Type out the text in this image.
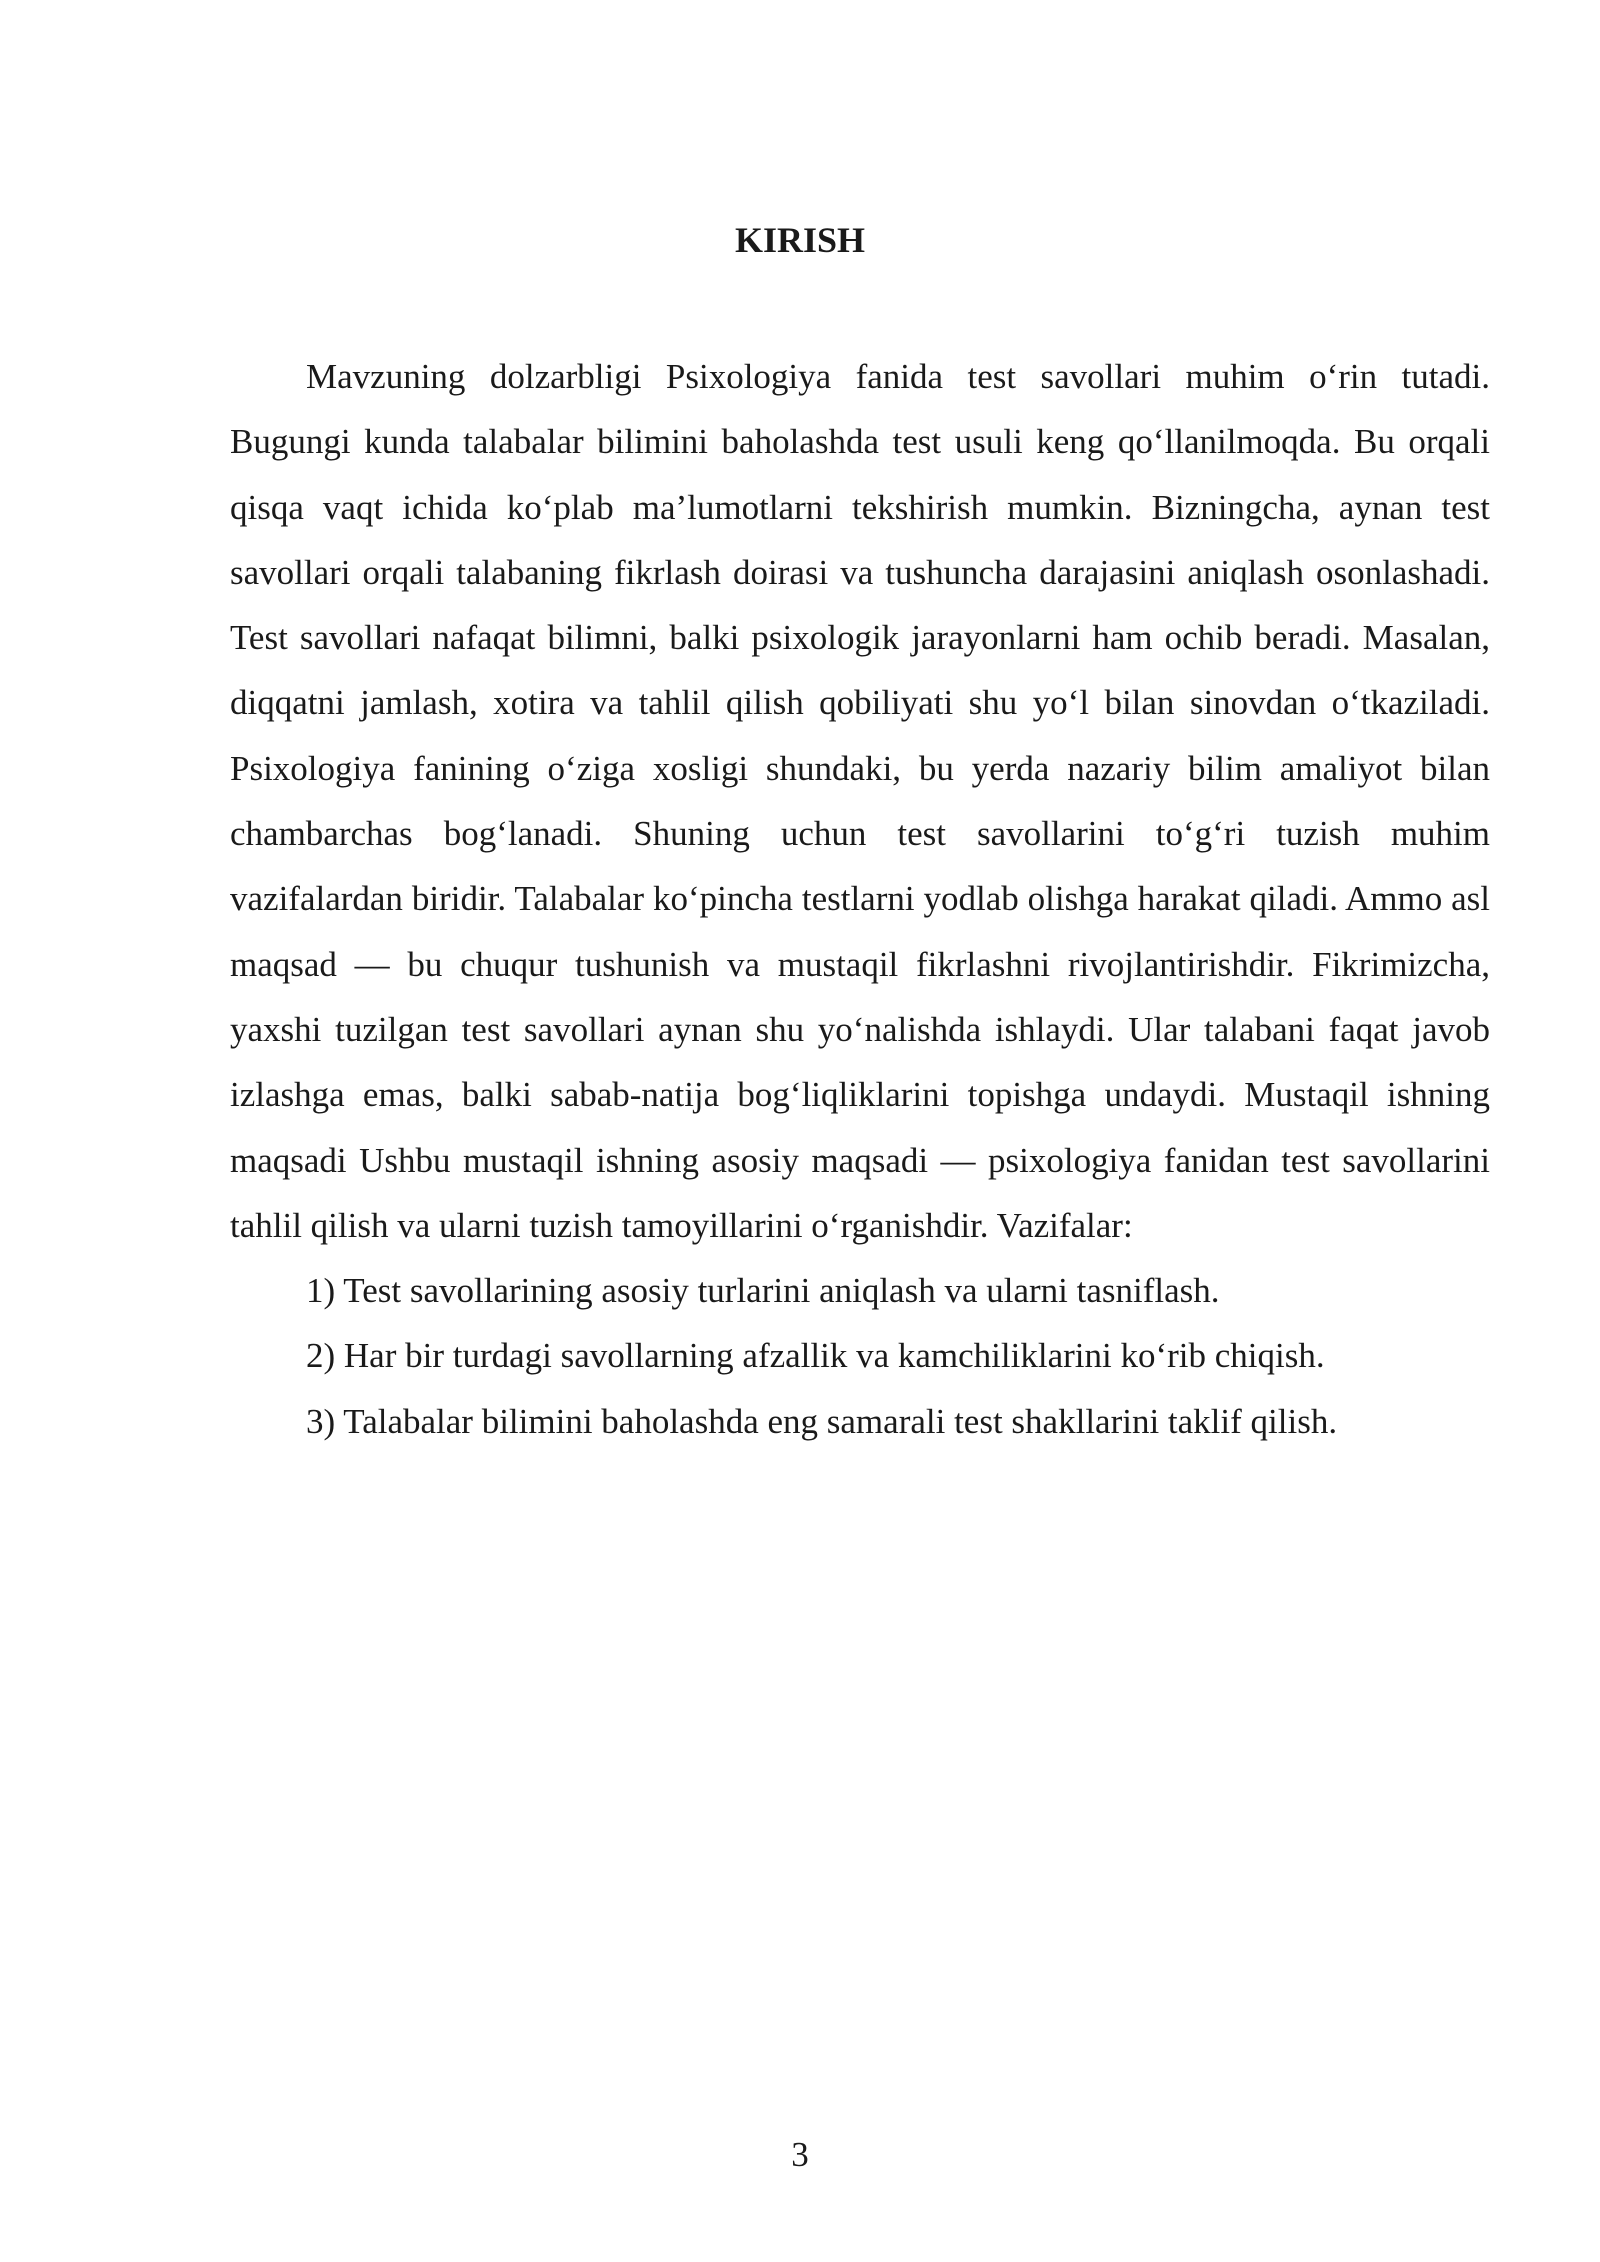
KIRISH

Mavzuning dolzarbligi Psixologiya fanida test savollari muhim o‘rin tutadi. Bugungi kunda talabalar bilimini baholashda test usuli keng qo‘llanilmoqda. Bu orqali qisqa vaqt ichida ko‘plab ma’lumotlarni tekshirish mumkin. Bizningcha, aynan test savollari orqali talabaning fikrlash doirasi va tushuncha darajasini aniqlash osonlashadi. Test savollari nafaqat bilimni, balki psixologik jarayonlarni ham ochib beradi. Masalan, diqqatni jamlash, xotira va tahlil qilish qobiliyati shu yo‘l bilan sinovdan o‘tkaziladi. Psixologiya fanining o‘ziga xosligi shundaki, bu yerda nazariy bilim amaliyot bilan chambarchas bog‘lanadi. Shuning uchun test savollarini to‘g‘ri tuzish muhim vazifalardan biridir. Talabalar ko‘pincha testlarni yodlab olishga harakat qiladi. Ammo asl maqsad — bu chuqur tushunish va mustaqil fikrlashni rivojlantirishdir. Fikrimizcha, yaxshi tuzilgan test savollari aynan shu yo‘nalishda ishlaydi. Ular talabani faqat javob izlashga emas, balki sabab-natija bog‘liqliklarini topishga undaydi. Mustaqil ishning maqsadi Ushbu mustaqil ishning asosiy maqsadi — psixologiya fanidan test savollarini tahlil qilish va ularni tuzish tamoyillarini o‘rganishdir. Vazifalar:

1) Test savollarining asosiy turlarini aniqlash va ularni tasniflash.

2) Har bir turdagi savollarning afzallik va kamchiliklarini ko‘rib chiqish.

3) Talabalar bilimini baholashda eng samarali test shakllarini taklif qilish.

3
